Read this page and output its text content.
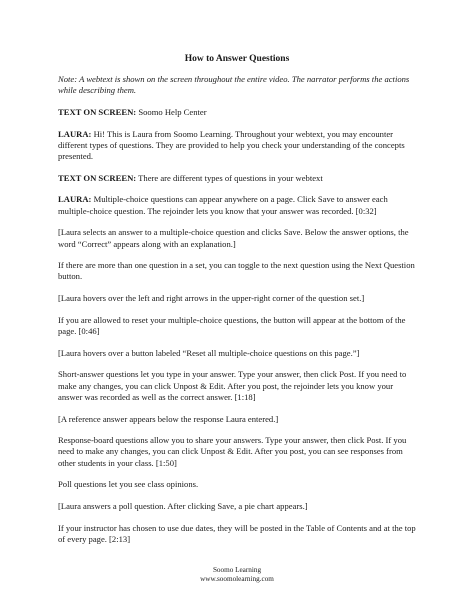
How to Answer Questions

Note: A webtext is shown on the screen throughout the entire video. The narrator performs the actions while describing them.

TEXT ON SCREEN: Soomo Help Center

LAURA: Hi! This is Laura from Soomo Learning. Throughout your webtext, you may encounter different types of questions. They are provided to help you check your understanding of the concepts presented.

TEXT ON SCREEN: There are different types of questions in your webtext

LAURA: Multiple-choice questions can appear anywhere on a page. Click Save to answer each multiple-choice question. The rejoinder lets you know that your answer was recorded. [0:32]

[Laura selects an answer to a multiple-choice question and clicks Save. Below the answer options, the word “Correct” appears along with an explanation.]

If there are more than one question in a set, you can toggle to the next question using the Next Question button.

[Laura hovers over the left and right arrows in the upper-right corner of the question set.]

If you are allowed to reset your multiple-choice questions, the button will appear at the bottom of the page. [0:46]

[Laura hovers over a button labeled “Reset all multiple-choice questions on this page.”]

Short-answer questions let you type in your answer. Type your answer, then click Post. If you need to make any changes, you can click Unpost & Edit. After you post, the rejoinder lets you know your answer was recorded as well as the correct answer. [1:18]

[A reference answer appears below the response Laura entered.]

Response-board questions allow you to share your answers. Type your answer, then click Post. If you need to make any changes, you can click Unpost & Edit. After you post, you can see responses from other students in your class. [1:50]

Poll questions let you see class opinions.

[Laura answers a poll question. After clicking Save, a pie chart appears.]

If your instructor has chosen to use due dates, they will be posted in the Table of Contents and at the top of every page. [2:13]

Soomo Learning
www.soomolearning.com
